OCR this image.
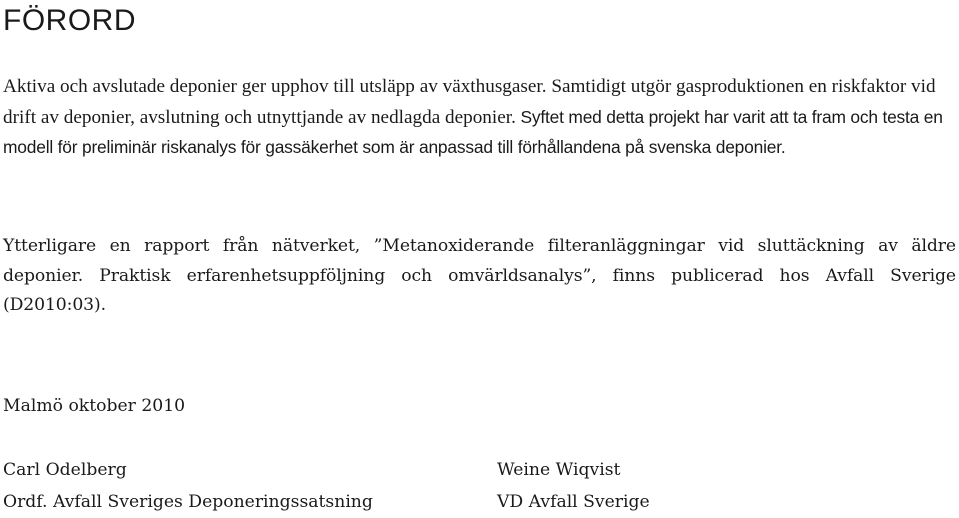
FÖRORD

Aktiva och avslutade deponier ger upphov till utsläpp av växthusgaser. Samtidigt utgör gasproduktionen en riskfaktor vid drift av deponier, avslutning och utnyttjande av nedlagda deponier. Syftet med detta projekt har varit att ta fram och testa en modell för preliminär riskanalys för gassäkerhet som är anpassad till förhållandena på svenska deponier.

Ytterligare en rapport från nätverket, ”Metanoxiderande filteranläggningar vid sluttäckning av äldre deponier. Praktisk erfarenhetsuppföljning och omvärldsanalys”, finns publicerad hos Avfall Sverige (D2010:03).

Malmö oktober 2010

Carl Odelberg
Ordf. Avfall Sveriges Deponeringssatsning
Weine Wiqvist
VD Avfall Sverige
